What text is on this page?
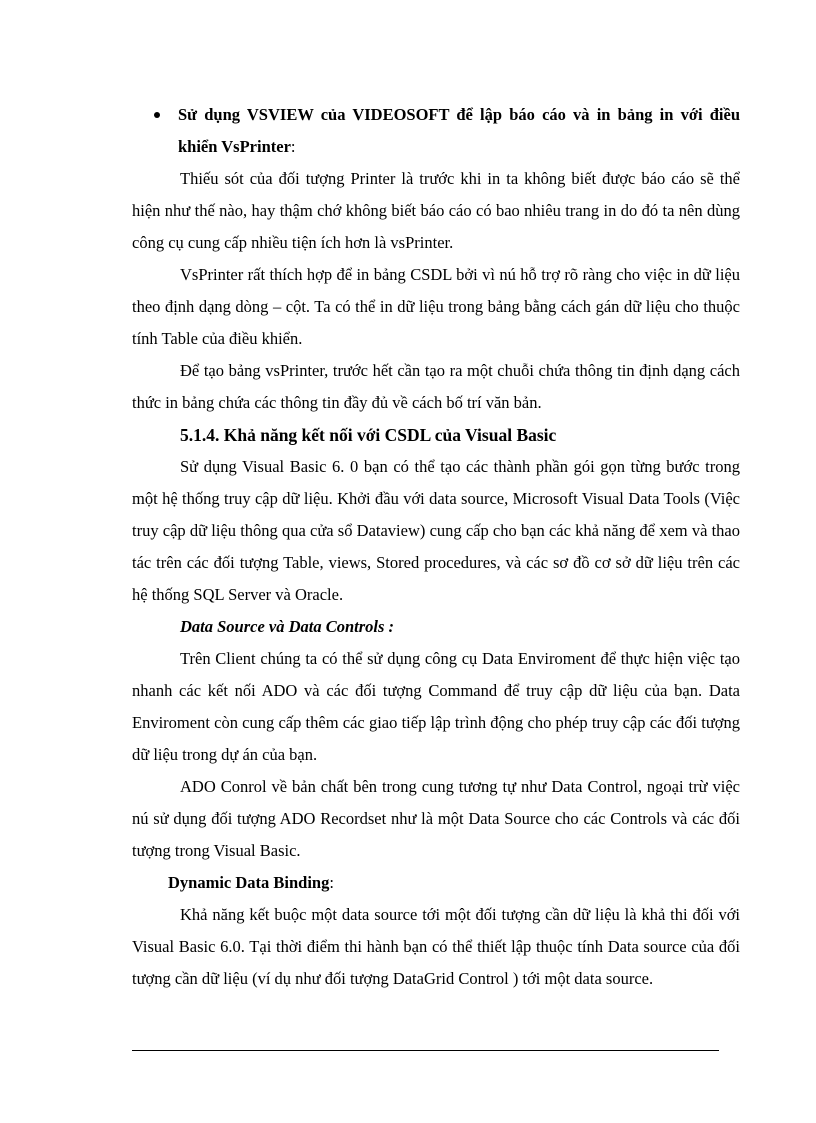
Sử dụng VSVIEW của VIDEOSOFT để lập báo cáo và in bảng in với điều khiển VsPrinter:

Thiếu sót của đối tượng Printer là trước khi in ta không biết được báo cáo sẽ thể hiện như thế nào, hay thậm chớ không biết báo cáo có bao nhiêu trang in do đó ta nên dùng công cụ cung cấp nhiều tiện ích hơn là vsPrinter.

VsPrinter rất thích hợp để in bảng CSDL bởi vì nú hỗ trợ rõ ràng cho việc in dữ liệu theo định dạng dòng – cột. Ta có thể in dữ liệu trong bảng bằng cách gán dữ liệu cho thuộc tính Table của điều khiển.

Để tạo bảng vsPrinter, trước hết cần tạo ra một chuỗi chứa thông tin định dạng cách thức in bảng chứa các thông tin đầy đủ về cách bố trí văn bản.

5.1.4. Khả năng kết nối với CSDL của Visual Basic

Sử dụng Visual Basic 6. 0 bạn có thể tạo các thành phần gói gọn từng bước trong một hệ thống truy cập dữ liệu. Khởi đầu với data source, Microsoft Visual Data Tools (Việc truy cập dữ liệu thông qua cửa sổ Dataview) cung cấp cho bạn các khả năng để xem và thao tác trên các đối tượng Table, views, Stored procedures, và các sơ đồ cơ sở dữ liệu trên các hệ thống SQL Server và Oracle.

Data Source và Data Controls :

Trên Client chúng ta có thể sử dụng công cụ Data Enviroment để thực hiện việc tạo nhanh các kết nối ADO và các đối tượng Command để truy cập dữ liệu của bạn. Data Enviroment còn cung cấp thêm các giao tiếp lập trình động cho phép truy cập các đối tượng dữ liệu trong dự án của bạn.

ADO Conrol về bản chất bên trong cung tương tự như Data Control, ngoại trừ việc nú sử dụng đối tượng ADO Recordset như là một Data Source cho các Controls và các đối tượng trong Visual Basic.

Dynamic Data Binding:

Khả năng kết buộc một data source tới một đối tượng cần dữ liệu là khả thi đối với Visual Basic 6.0. Tại thời điểm thi hành bạn có thể thiết lập thuộc tính Data source của đối tượng cần dữ liệu (ví dụ như đối tượng DataGrid Control ) tới một data source.
